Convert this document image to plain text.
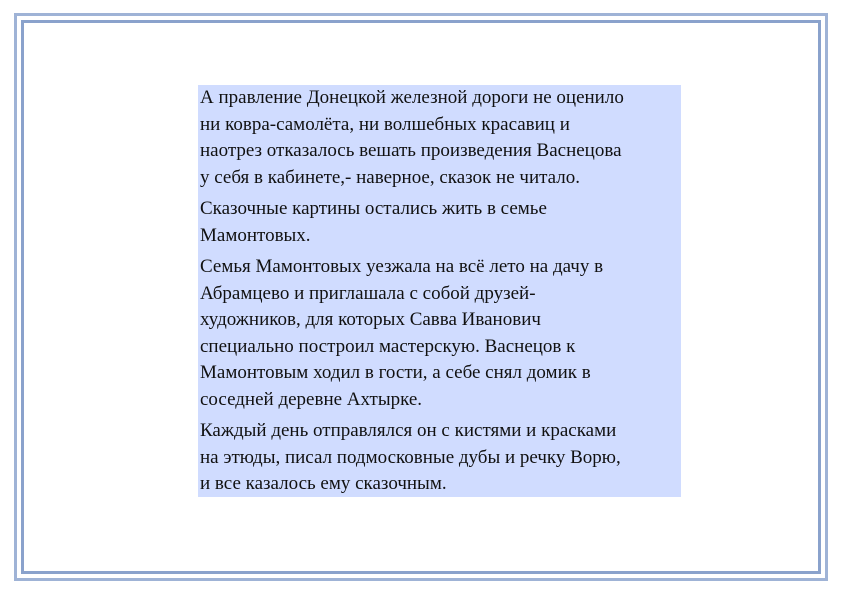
А правление Донецкой железной дороги не оценило
ни ковра-самолёта, ни волшебных красавиц и
наотрез отказалось вешать произведения Васнецова
у себя в кабинете,- наверное, сказок не читало.

Сказочные картины остались жить в семье
Мамонтовых.

Семья Мамонтовых уезжала на всё лето на дачу в
Абрамцево и приглашала с собой друзей-
художников, для которых Савва Иванович
специально построил мастерскую. Васнецов к
Мамонтовым ходил в гости, а себе снял домик в
соседней деревне Ахтырке.

Каждый день отправлялся он с кистями и красками
на этюды, писал подмосковные дубы и речку Ворю,
и все казалось ему сказочным.
